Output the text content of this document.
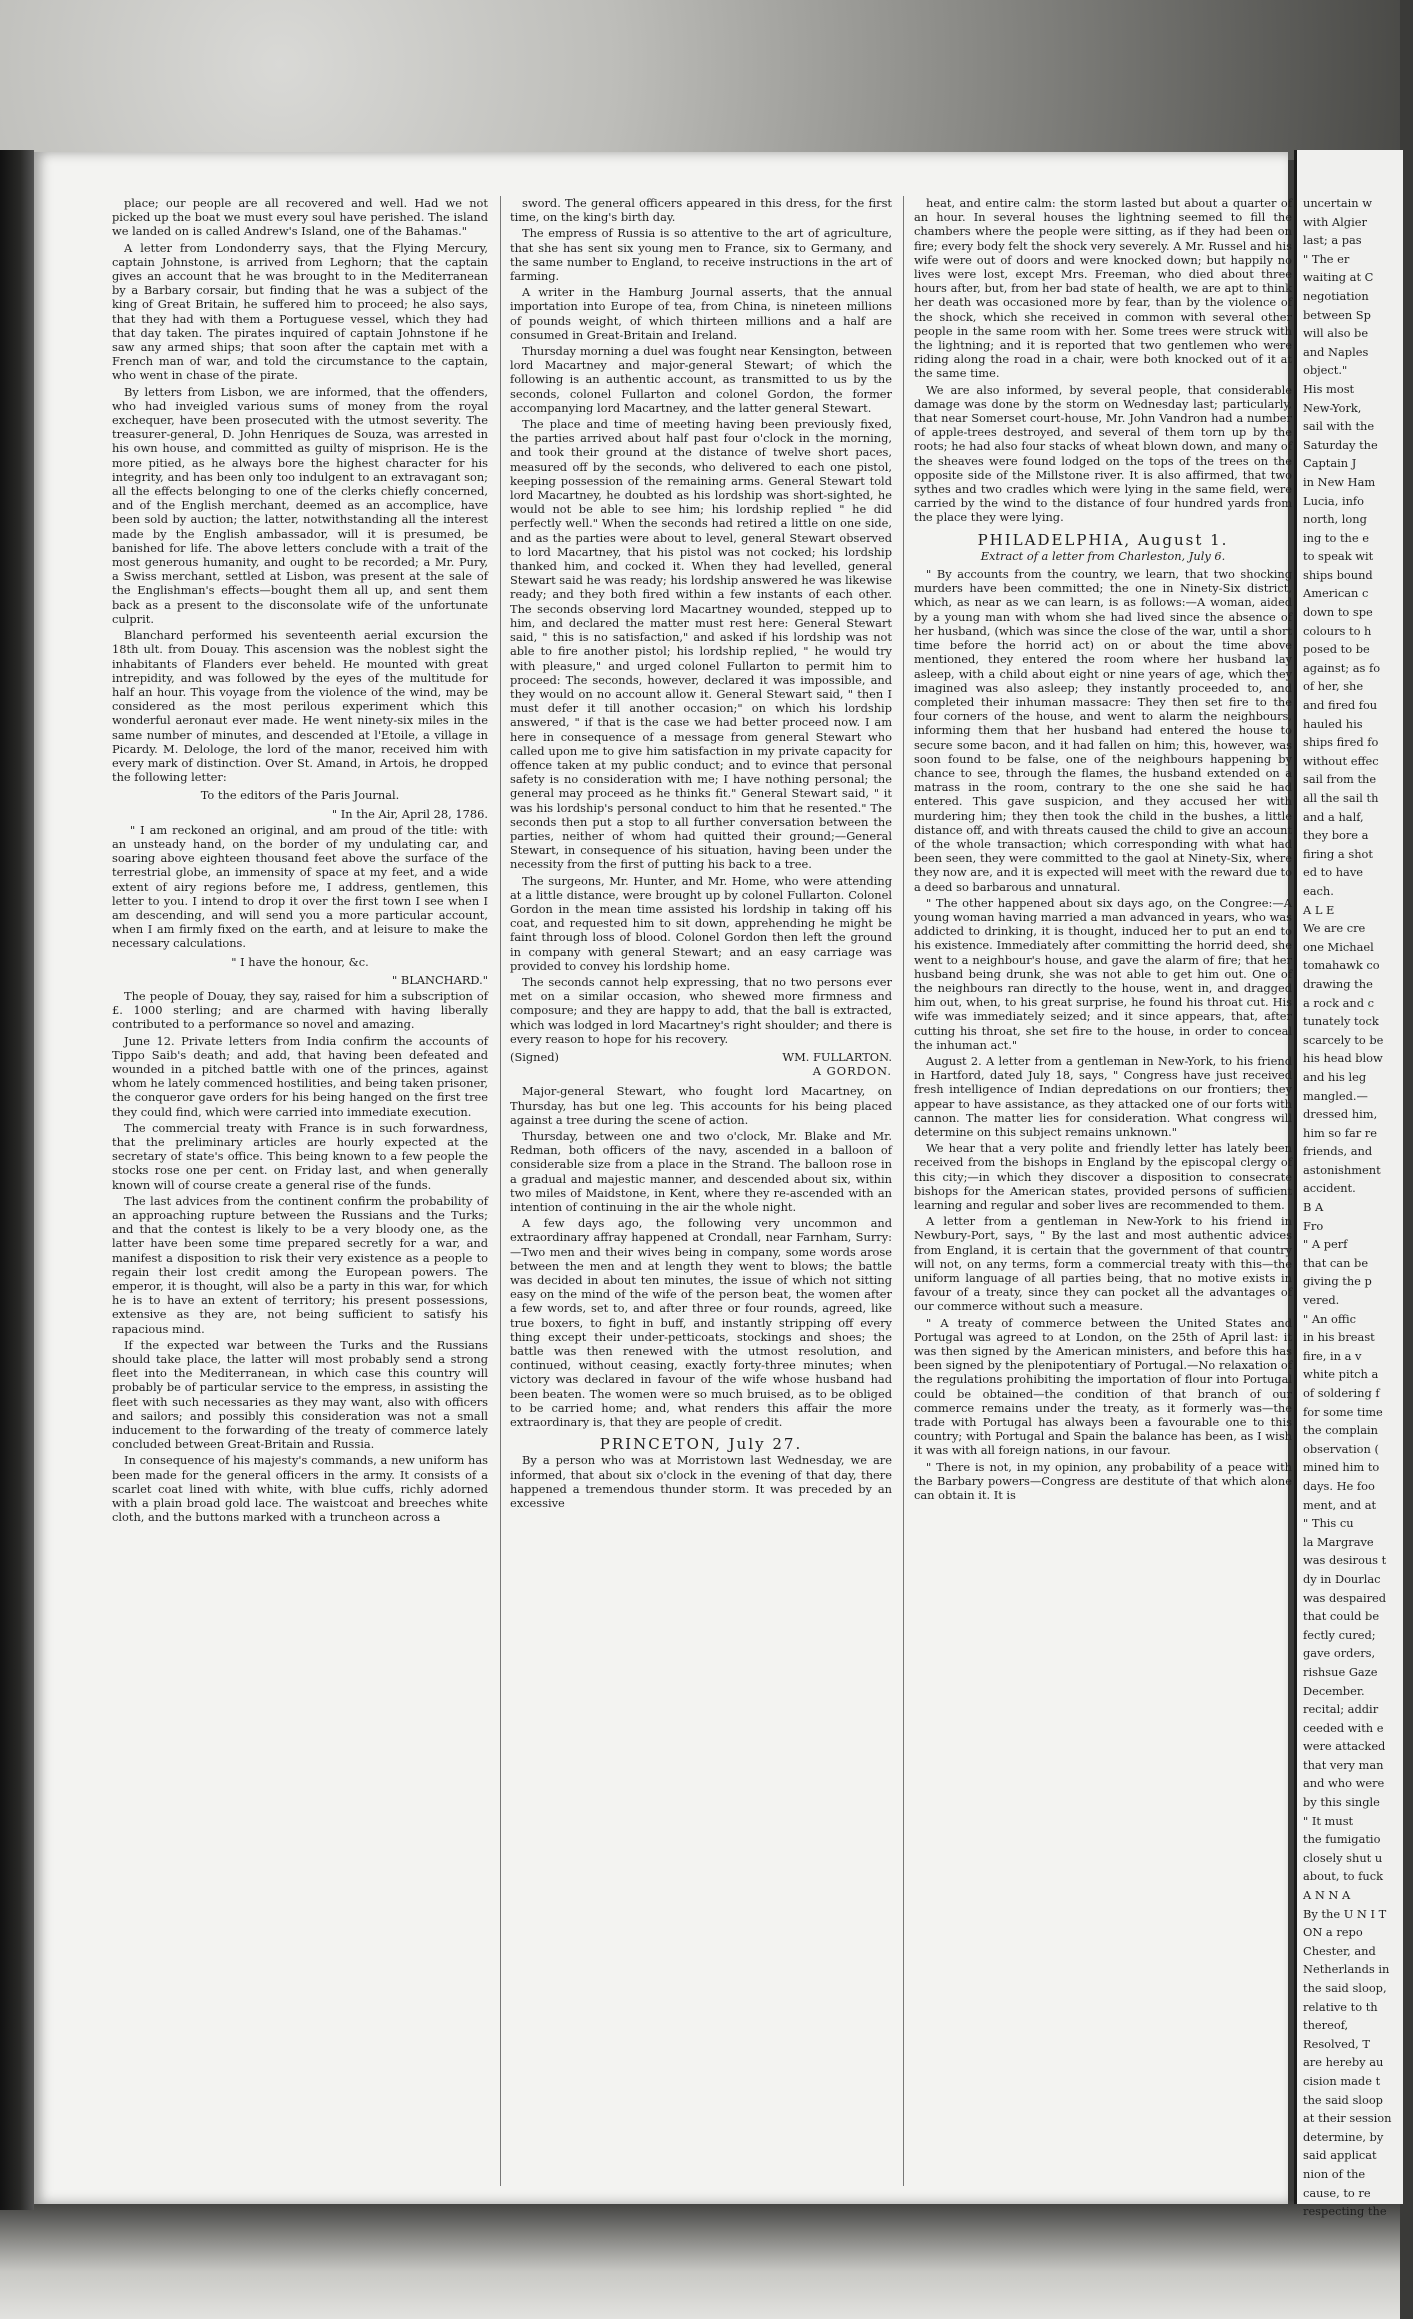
place; our people are all recovered and well. Had we not picked up the boat we must every soul have perished. The island we landed on is called Andrew's Island, one of the Bahamas."

A letter from Londonderry says, that the Flying Mercury, captain Johnstone, is arrived from Leghorn; that the captain gives an account that he was brought to in the Mediterranean by a Barbary corsair, but finding that he was a subject of the king of Great Britain, he suffered him to proceed; he also says, that they had with them a Portuguese vessel, which they had that day taken. The pirates inquired of captain Johnstone if he saw any armed ships; that soon after the captain met with a French man of war, and told the circumstance to the captain, who went in chase of the pirate.

By letters from Lisbon, we are informed, that the offenders, who had inveigled various sums of money from the royal exchequer, have been prosecuted with the utmost severity. The treasurer-general, D. John Henriques de Souza, was arrested in his own house, and committed as guilty of misprison. He is the more pitied, as he always bore the highest character for his integrity, and has been only too indulgent to an extravagant son; all the effects belonging to one of the clerks chiefly concerned, and of the English merchant, deemed as an accomplice, have been sold by auction; the latter, notwithstanding all the interest made by the English ambassador, will it is presumed, be banished for life. The above letters conclude with a trait of the most generous humanity, and ought to be recorded; a Mr. Pury, a Swiss merchant, settled at Lisbon, was present at the sale of the Englishman's effects—bought them all up, and sent them back as a present to the disconsolate wife of the unfortunate culprit.

Blanchard performed his seventeenth aerial excursion the 18th ult. from Douay. This ascension was the noblest sight the inhabitants of Flanders ever beheld. He mounted with great intrepidity, and was followed by the eyes of the multitude for half an hour. This voyage from the violence of the wind, may be considered as the most perilous experiment which this wonderful aeronaut ever made. He went ninety-six miles in the same number of minutes, and descended at l'Etoile, a village in Picardy. M. Delologe, the lord of the manor, received him with every mark of distinction. Over St. Amand, in Artois, he dropped the following letter:

To the editors of the Paris Journal.

" In the Air, April 28, 1786.

" I am reckoned an original, and am proud of the title: with an unsteady hand, on the border of my undulating car, and soaring above eighteen thousand feet above the surface of the terrestrial globe, an immensity of space at my feet, and a wide extent of airy regions before me, I address, gentlemen, this letter to you. I intend to drop it over the first town I see when I am descending, and will send you a more particular account, when I am firmly fixed on the earth, and at leisure to make the necessary calculations.

" I have the honour, &c.

" BLANCHARD."

The people of Douay, they say, raised for him a subscription of £. 1000 sterling; and are charmed with having liberally contributed to a performance so novel and amazing.

June 12. Private letters from India confirm the accounts of Tippo Saib's death; and add, that having been defeated and wounded in a pitched battle with one of the princes, against whom he lately commenced hostilities, and being taken prisoner, the conqueror gave orders for his being hanged on the first tree they could find, which were carried into immediate execution.

The commercial treaty with France is in such forwardness, that the preliminary articles are hourly expected at the secretary of state's office. This being known to a few people the stocks rose one per cent. on Friday last, and when generally known will of course create a general rise of the funds.

The last advices from the continent confirm the probability of an approaching rupture between the Russians and the Turks; and that the contest is likely to be a very bloody one, as the latter have been some time prepared secretly for a war, and manifest a disposition to risk their very existence as a people to regain their lost credit among the European powers. The emperor, it is thought, will also be a party in this war, for which he is to have an extent of territory; his present possessions, extensive as they are, not being sufficient to satisfy his rapacious mind.

If the expected war between the Turks and the Russians should take place, the latter will most probably send a strong fleet into the Mediterranean, in which case this country will probably be of particular service to the empress, in assisting the fleet with such necessaries as they may want, also with officers and sailors; and possibly this consideration was not a small inducement to the forwarding of the treaty of commerce lately concluded between Great-Britain and Russia.

In consequence of his majesty's commands, a new uniform has been made for the general officers in the army. It consists of a scarlet coat lined with white, with blue cuffs, richly adorned with a plain broad gold lace. The waistcoat and breeches white cloth, and the buttons marked with a truncheon across a

sword. The general officers appeared in this dress, for the first time, on the king's birth day.

The empress of Russia is so attentive to the art of agriculture, that she has sent six young men to France, six to Germany, and the same number to England, to receive instructions in the art of farming.

A writer in the Hamburg Journal asserts, that the annual importation into Europe of tea, from China, is nineteen millions of pounds weight, of which thirteen millions and a half are consumed in Great-Britain and Ireland.

Thursday morning a duel was fought near Kensington, between lord Macartney and major-general Stewart; of which the following is an authentic account, as transmitted to us by the seconds, colonel Fullarton and colonel Gordon, the former accompanying lord Macartney, and the latter general Stewart.

The place and time of meeting having been previously fixed, the parties arrived about half past four o'clock in the morning, and took their ground at the distance of twelve short paces, measured off by the seconds, who delivered to each one pistol, keeping possession of the remaining arms. General Stewart told lord Macartney, he doubted as his lordship was short-sighted, he would not be able to see him; his lordship replied " he did perfectly well." When the seconds had retired a little on one side, and as the parties were about to level, general Stewart observed to lord Macartney, that his pistol was not cocked; his lordship thanked him, and cocked it. When they had levelled, general Stewart said he was ready; his lordship answered he was likewise ready; and they both fired within a few instants of each other. The seconds observing lord Macartney wounded, stepped up to him, and declared the matter must rest here: General Stewart said, " this is no satisfaction," and asked if his lordship was not able to fire another pistol; his lordship replied, " he would try with pleasure," and urged colonel Fullarton to permit him to proceed: The seconds, however, declared it was impossible, and they would on no account allow it. General Stewart said, " then I must defer it till another occasion;" on which his lordship answered, " if that is the case we had better proceed now. I am here in consequence of a message from general Stewart who called upon me to give him satisfaction in my private capacity for offence taken at my public conduct; and to evince that personal safety is no consideration with me; I have nothing personal; the general may proceed as he thinks fit." General Stewart said, " it was his lordship's personal conduct to him that he resented." The seconds then put a stop to all further conversation between the parties, neither of whom had quitted their ground;—General Stewart, in consequence of his situation, having been under the necessity from the first of putting his back to a tree.

The surgeons, Mr. Hunter, and Mr. Home, who were attending at a little distance, were brought up by colonel Fullarton. Colonel Gordon in the mean time assisted his lordship in taking off his coat, and requested him to sit down, apprehending he might be faint through loss of blood. Colonel Gordon then left the ground in company with general Stewart; and an easy carriage was provided to convey his lordship home.

The seconds cannot help expressing, that no two persons ever met on a similar occasion, who shewed more firmness and composure; and they are happy to add, that the ball is extracted, which was lodged in lord Macartney's right shoulder; and there is every reason to hope for his recovery.

(Signed)	WM. FULLARTON.

A GORDON.

Major-general Stewart, who fought lord Macartney, on Thursday, has but one leg. This accounts for his being placed against a tree during the scene of action.

Thursday, between one and two o'clock, Mr. Blake and Mr. Redman, both officers of the navy, ascended in a balloon of considerable size from a place in the Strand. The balloon rose in a gradual and majestic manner, and descended about six, within two miles of Maidstone, in Kent, where they re-ascended with an intention of continuing in the air the whole night.

A few days ago, the following very uncommon and extraordinary affray happened at Crondall, near Farnham, Surry:—Two men and their wives being in company, some words arose between the men and at length they went to blows; the battle was decided in about ten minutes, the issue of which not sitting easy on the mind of the wife of the person beat, the women after a few words, set to, and after three or four rounds, agreed, like true boxers, to fight in buff, and instantly stripping off every thing except their under-petticoats, stockings and shoes; the battle was then renewed with the utmost resolution, and continued, without ceasing, exactly forty-three minutes; when victory was declared in favour of the wife whose husband had been beaten. The women were so much bruised, as to be obliged to be carried home; and, what renders this affair the more extraordinary is, that they are people of credit.

PRINCETON, July 27.

By a person who was at Morristown last Wednesday, we are informed, that about six o'clock in the evening of that day, there happened a tremendous thunder storm. It was preceded by an excessive

heat, and entire calm: the storm lasted but about a quarter of an hour. In several houses the lightning seemed to fill the chambers where the people were sitting, as if they had been on fire; every body felt the shock very severely. A Mr. Russel and his wife were out of doors and were knocked down; but happily no lives were lost, except Mrs. Freeman, who died about three hours after, but, from her bad state of health, we are apt to think her death was occasioned more by fear, than by the violence of the shock, which she received in common with several other people in the same room with her. Some trees were struck with the lightning; and it is reported that two gentlemen who were riding along the road in a chair, were both knocked out of it at the same time.

We are also informed, by several people, that considerable damage was done by the storm on Wednesday last; particularly, that near Somerset court-house, Mr. John Vandron had a number of apple-trees destroyed, and several of them torn up by the roots; he had also four stacks of wheat blown down, and many of the sheaves were found lodged on the tops of the trees on the opposite side of the Millstone river. It is also affirmed, that two sythes and two cradles which were lying in the same field, were carried by the wind to the distance of four hundred yards from the place they were lying.

PHILADELPHIA, August 1.

Extract of a letter from Charleston, July 6.

" By accounts from the country, we learn, that two shocking murders have been committed; the one in Ninety-Six district, which, as near as we can learn, is as follows:—A woman, aided by a young man with whom she had lived since the absence of her husband, (which was since the close of the war, until a short time before the horrid act) on or about the time above mentioned, they entered the room where her husband lay asleep, with a child about eight or nine years of age, which they imagined was also asleep; they instantly proceeded to, and completed their inhuman massacre: They then set fire to the four corners of the house, and went to alarm the neighbours, informing them that her husband had entered the house to secure some bacon, and it had fallen on him; this, however, was soon found to be false, one of the neighbours happening by chance to see, through the flames, the husband extended on a matrass in the room, contrary to the one she said he had entered. This gave suspicion, and they accused her with murdering him; they then took the child in the bushes, a little distance off, and with threats caused the child to give an account of the whole transaction; which corresponding with what had been seen, they were committed to the gaol at Ninety-Six, where they now are, and it is expected will meet with the reward due to a deed so barbarous and unnatural.

" The other happened about six days ago, on the Congree:—A young woman having married a man advanced in years, who was addicted to drinking, it is thought, induced her to put an end to his existence. Immediately after committing the horrid deed, she went to a neighbour's house, and gave the alarm of fire; that her husband being drunk, she was not able to get him out. One of the neighbours ran directly to the house, went in, and dragged him out, when, to his great surprise, he found his throat cut. His wife was immediately seized; and it since appears, that, after cutting his throat, she set fire to the house, in order to conceal the inhuman act."

August 2. A letter from a gentleman in New-York, to his friend in Hartford, dated July 18, says, " Congress have just received fresh intelligence of Indian depredations on our frontiers; they appear to have assistance, as they attacked one of our forts with cannon. The matter lies for consideration. What congress will determine on this subject remains unknown."

We hear that a very polite and friendly letter has lately been received from the bishops in England by the episcopal clergy of this city;—in which they discover a disposition to consecrate bishops for the American states, provided persons of sufficient learning and regular and sober lives are recommended to them.

A letter from a gentleman in New-York to his friend in Newbury-Port, says, " By the last and most authentic advices from England, it is certain that the government of that country will not, on any terms, form a commercial treaty with this—the uniform language of all parties being, that no motive exists in favour of a treaty, since they can pocket all the advantages of our commerce without such a measure.

" A treaty of commerce between the United States and Portugal was agreed to at London, on the 25th of April last: it was then signed by the American ministers, and before this has been signed by the plenipotentiary of Portugal.—No relaxation of the regulations prohibiting the importation of flour into Portugal could be obtained—the condition of that branch of our commerce remains under the treaty, as it formerly was—the trade with Portugal has always been a favourable one to this country; with Portugal and Spain the balance has been, as I wish it was with all foreign nations, in our favour.

" There is not, in my opinion, any probability of a peace with the Barbary powers—Congress are destitute of that which alone can obtain it. It is

uncertain w
with Algier
last; a pas
" The er
waiting at C
negotiation
between Sp
will also be
and Naples
object."
His most
New-York,
sail with the
Saturday the
Captain J
in New Ham
Lucia, info
north, long
ing to the e
to speak wit
ships bound
American c
down to spe
colours to h
posed to be
against; as fo
of her, she
and fired fou
hauled his
ships fired fo
without effec
sail from the
all the sail th
and a half,
they bore a
firing a shot
ed to have
each.
A L E
We are cre
one Michael
tomahawk co
drawing the
a rock and c
tunately tock
scarcely to be
his head blow
and his leg
mangled.—
dressed him,
him so far re
friends, and
astonishment
accident.
B A
Fro
" A perf
that can be
giving the p
vered.
" An offic
in his breast
fire, in a v
white pitch a
of soldering f
for some time
the complain
observation (
mined him to
days. He foo
ment, and at
" This cu
la Margrave
was desirous t
dy in Dourlac
was despaired
that could be
fectly cured;
gave orders,
rishsue Gaze
December.
recital; addir
ceeded with e
were attacked
that very man
and who were
by this single
" It must
the fumigatio
closely shut u
about, to fuck
A N N A
By the U N I T
ON a repo
Chester, and
Netherlands in
the said sloop,
relative to th
thereof,
Resolved, T
are hereby au
cision made t
the said sloop
at their session
determine, by
said applicat
nion of the
cause, to re
respecting the
